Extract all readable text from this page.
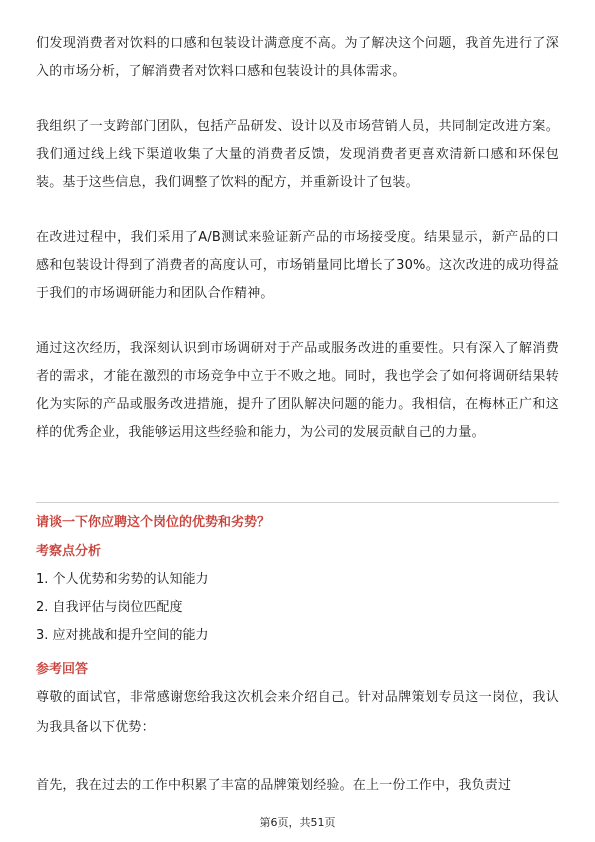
们发现消费者对饮料的口感和包装设计满意度不高。为了解决这个问题，我首先进行了深入的市场分析，了解消费者对饮料口感和包装设计的具体需求。

我组织了一支跨部门团队，包括产品研发、设计以及市场营销人员，共同制定改进方案。我们通过线上线下渠道收集了大量的消费者反馈，发现消费者更喜欢清新口感和环保包装。基于这些信息，我们调整了饮料的配方，并重新设计了包装。

在改进过程中，我们采用了A/B测试来验证新产品的市场接受度。结果显示，新产品的口感和包装设计得到了消费者的高度认可，市场销量同比增长了30%。这次改进的成功得益于我们的市场调研能力和团队合作精神。

通过这次经历，我深刻认识到市场调研对于产品或服务改进的重要性。只有深入了解消费者的需求，才能在激烈的市场竞争中立于不败之地。同时，我也学会了如何将调研结果转化为实际的产品或服务改进措施，提升了团队解决问题的能力。我相信，在梅林正广和这样的优秀企业，我能够运用这些经验和能力，为公司的发展贡献自己的力量。

请谈一下你应聘这个岗位的优势和劣势？
考察点分析
1. 个人优势和劣势的认知能力
2. 自我评估与岗位匹配度
3. 应对挑战和提升空间的能力
参考回答

尊敬的面试官，非常感谢您给我这次机会来介绍自己。针对品牌策划专员这一岗位，我认为我具备以下优势：

首先，我在过去的工作中积累了丰富的品牌策划经验。在上一份工作中，我负责过

第6页，共51页
